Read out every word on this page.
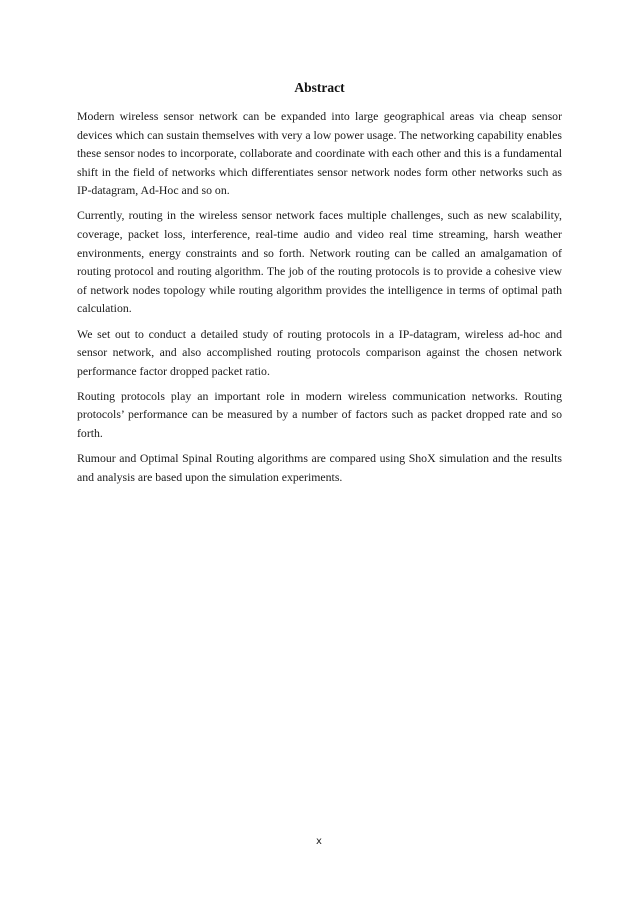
Abstract

Modern wireless sensor network can be expanded into large geographical areas via cheap sensor devices which can sustain themselves with very a low power usage. The networking capability enables these sensor nodes to incorporate, collaborate and coordinate with each other and this is a fundamental shift in the field of networks which differentiates sensor network nodes form other networks such as IP-datagram, Ad-Hoc and so on.

Currently, routing in the wireless sensor network faces multiple challenges, such as new scalability, coverage, packet loss, interference, real-time audio and video real time streaming, harsh weather environments, energy constraints and so forth. Network routing can be called an amalgamation of routing protocol and routing algorithm. The job of the routing protocols is to provide a cohesive view of network nodes topology while routing algorithm provides the intelligence in terms of optimal path calculation.

We set out to conduct a detailed study of routing protocols in a IP-datagram, wireless ad-hoc and sensor network, and also accomplished routing protocols comparison against the chosen network performance factor dropped packet ratio.

Routing protocols play an important role in modern wireless communication networks. Routing protocols’ performance can be measured by a number of factors such as packet dropped rate and so forth.

Rumour and Optimal Spinal Routing algorithms are compared using ShoX simulation and the results and analysis are based upon the simulation experiments.

x
